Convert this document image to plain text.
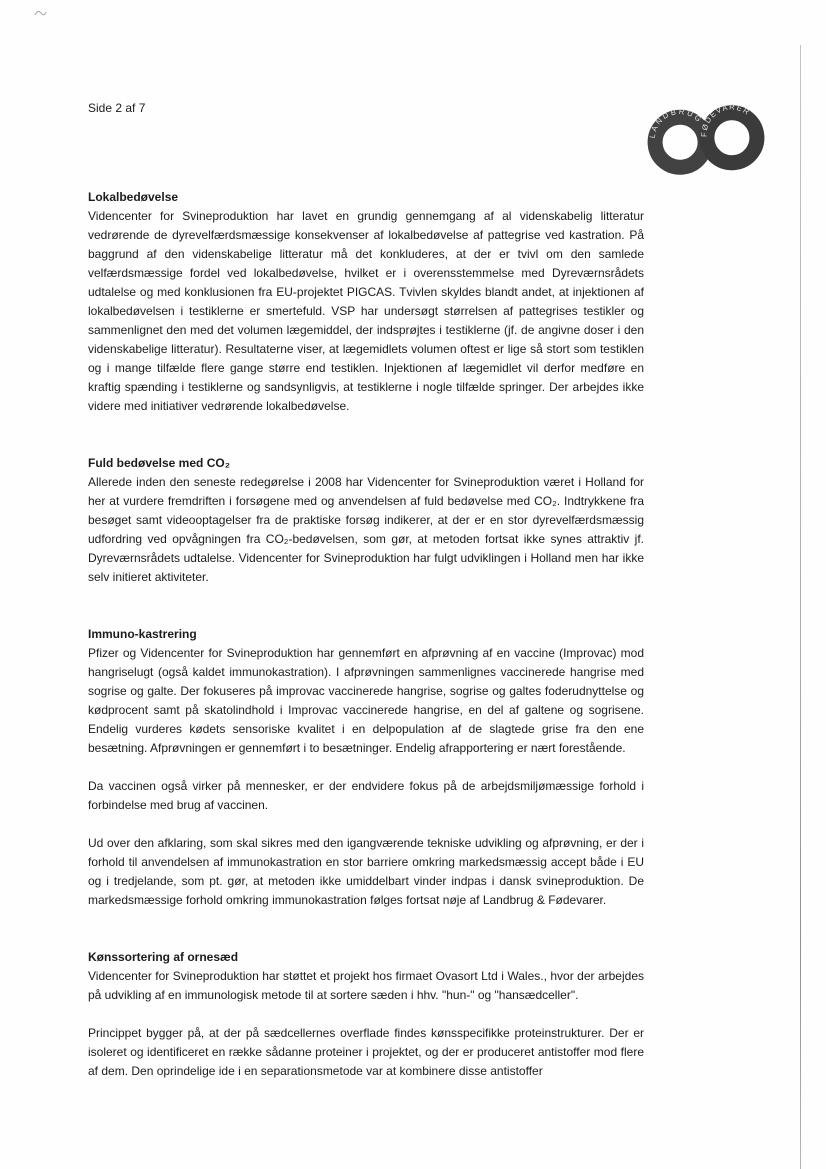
Side 2 af 7
LANDBRUG
FØDEVARER
Lokalbedøvelse

Videncenter for Svineproduktion har lavet en grundig gennemgang af al videnskabelig litteratur vedrørende de dyrevelfærdsmæssige konsekvenser af lokalbedøvelse af pattegrise ved kastration. På baggrund af den videnskabelige litteratur må det konkluderes, at der er tvivl om den samlede velfærdsmæssige fordel ved lokalbedøvelse, hvilket er i overensstemmelse med Dyreværnsrådets udtalelse og med konklusionen fra EU-projektet PIGCAS. Tvivlen skyldes blandt andet, at injektionen af lokalbedøvelsen i testiklerne er smertefuld. VSP har undersøgt størrelsen af pattegrises testikler og sammenlignet den med det volumen lægemiddel, der indsprøjtes i testiklerne (jf. de angivne doser i den videnskabelige litteratur). Resultaterne viser, at lægemidlets volumen oftest er lige så stort som testiklen og i mange tilfælde flere gange større end testiklen. Injektionen af lægemidlet vil derfor medføre en kraftig spænding i testiklerne og sandsynligvis, at testiklerne i nogle tilfælde springer. Der arbejdes ikke videre med initiativer vedrørende lokalbedøvelse.

Fuld bedøvelse med CO₂

Allerede inden den seneste redegørelse i 2008 har Videncenter for Svineproduktion været i Holland for her at vurdere fremdriften i forsøgene med og anvendelsen af fuld bedøvelse med CO₂. Indtrykkene fra besøget samt videooptagelser fra de praktiske forsøg indikerer, at der er en stor dyrevelfærdsmæssig udfordring ved opvågningen fra CO₂-bedøvelsen, som gør, at metoden fortsat ikke synes attraktiv jf. Dyreværnsrådets udtalelse. Videncenter for Svineproduktion har fulgt udviklingen i Holland men har ikke selv initieret aktiviteter.

Immuno-kastrering

Pfizer og Videncenter for Svineproduktion har gennemført en afprøvning af en vaccine (Improvac) mod hangriselugt (også kaldet immunokastration). I afprøvningen sammenlignes vaccinerede hangrise med sogrise og galte. Der fokuseres på improvac vaccinerede hangrise, sogrise og galtes foderudnyttelse og kødprocent samt på skatolindhold i Improvac vaccinerede hangrise, en del af galtene og sogrisene. Endelig vurderes kødets sensoriske kvalitet i en delpopulation af de slagtede grise fra den ene besætning. Afprøvningen er gennemført i to besætninger. Endelig afrapportering er nært forestående.

Da vaccinen også virker på mennesker, er der endvidere fokus på de arbejdsmiljømæssige forhold i forbindelse med brug af vaccinen.

Ud over den afklaring, som skal sikres med den igangværende tekniske udvikling og afprøvning, er der i forhold til anvendelsen af immunokastration en stor barriere omkring markedsmæssig accept både i EU og i tredjelande, som pt. gør, at metoden ikke umiddelbart vinder indpas i dansk svineproduktion. De markedsmæssige forhold omkring immunokastration følges fortsat nøje af Landbrug & Fødevarer.

Kønssortering af ornesæd

Videncenter for Svineproduktion har støttet et projekt hos firmaet Ovasort Ltd i Wales., hvor der arbejdes på udvikling af en immunologisk metode til at sortere sæden i hhv. "hun-" og "hansædceller".

Princippet bygger på, at der på sædcellernes overflade findes kønsspecifikke proteinstrukturer. Der er isoleret og identificeret en række sådanne proteiner i projektet, og der er produceret antistoffer mod flere af dem. Den oprindelige ide i en separationsmetode var at kombinere disse antistoffer
